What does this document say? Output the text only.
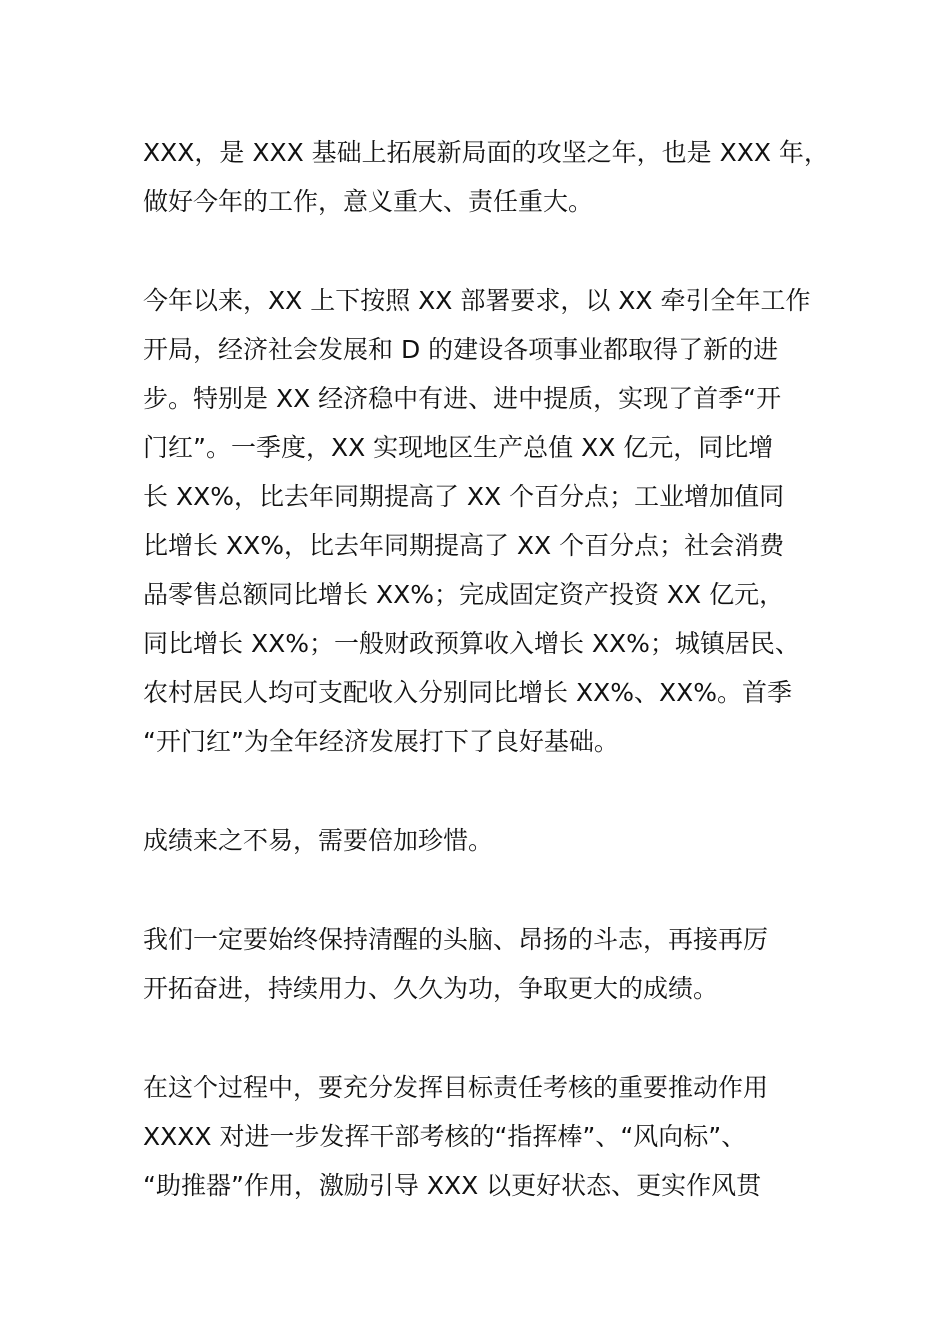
XXX，是 XXX 基础上拓展新局面的攻坚之年，也是 XXX 年，
做好今年的工作，意义重大、责任重大。

今年以来，XX 上下按照 XX 部署要求，以 XX 牵引全年工作
开局，经济社会发展和 D 的建设各项事业都取得了新的进
步。特别是 XX 经济稳中有进、进中提质，实现了首季“开
门红”。一季度，XX 实现地区生产总值 XX 亿元，同比增
长 XX%，比去年同期提高了 XX 个百分点；工业增加值同
比增长 XX%，比去年同期提高了 XX 个百分点；社会消费
品零售总额同比增长 XX%；完成固定资产投资 XX 亿元，
同比增长 XX%；一般财政预算收入增长 XX%；城镇居民、
农村居民人均可支配收入分别同比增长 XX%、XX%。首季
“开门红”为全年经济发展打下了良好基础。

成绩来之不易，需要倍加珍惜。

我们一定要始终保持清醒的头脑、昂扬的斗志，再接再厉
开拓奋进，持续用力、久久为功，争取更大的成绩。

在这个过程中，要充分发挥目标责任考核的重要推动作用
XXXX 对进一步发挥干部考核的“指挥棒”、“风向标”、
“助推器”作用，激励引导 XXX 以更好状态、更实作风贯
